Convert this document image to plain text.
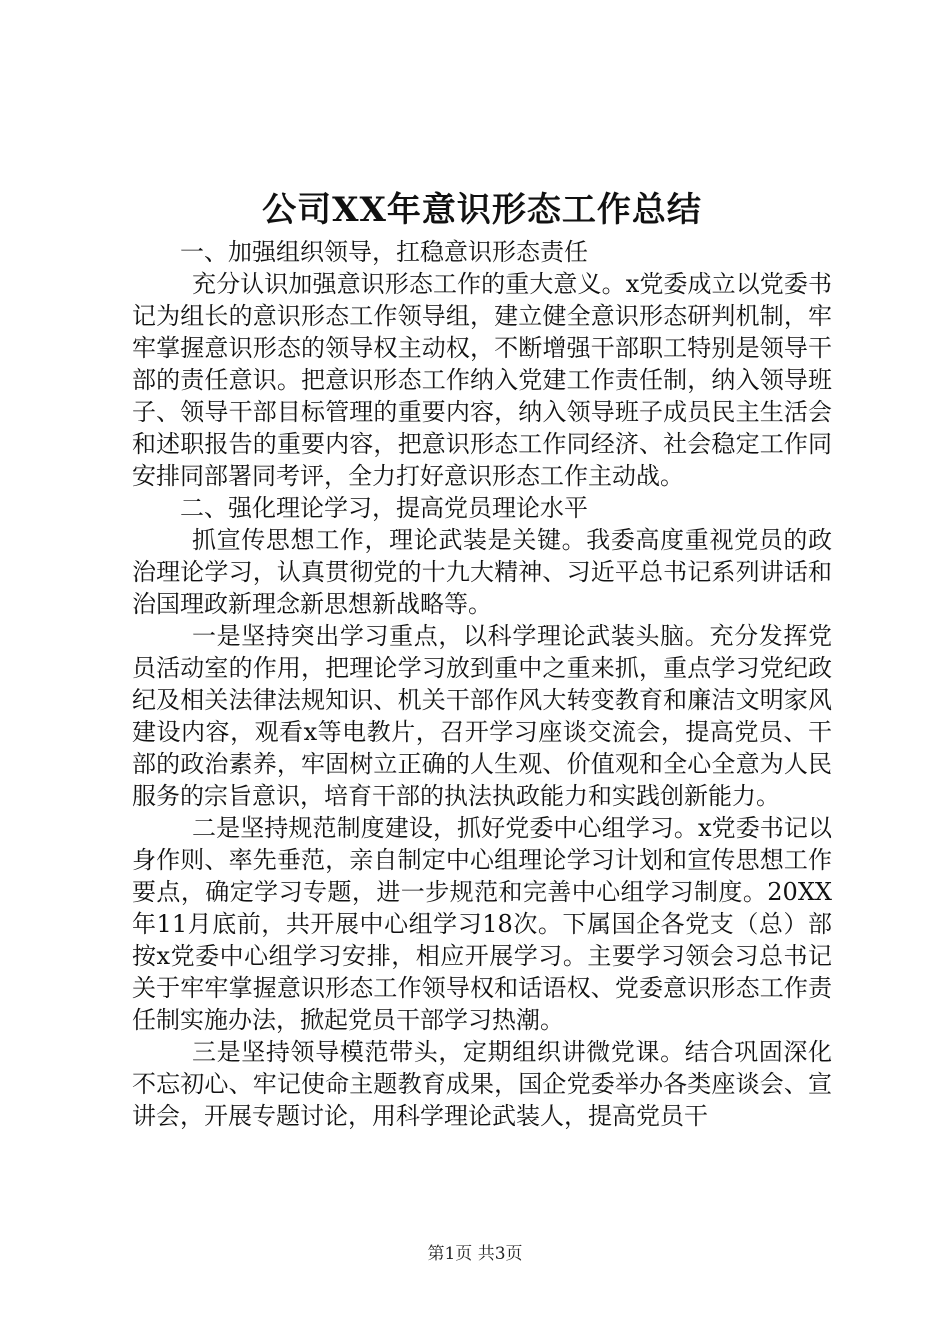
公司XX年意识形态工作总结

一、加强组织领导，扛稳意识形态责任

充分认识加强意识形态工作的重大意义。x党委成立以党委书记为组长的意识形态工作领导组，建立健全意识形态研判机制，牢牢掌握意识形态的领导权主动权，不断增强干部职工特别是领导干部的责任意识。把意识形态工作纳入党建工作责任制，纳入领导班子、领导干部目标管理的重要内容，纳入领导班子成员民主生活会和述职报告的重要内容，把意识形态工作同经济、社会稳定工作同安排同部署同考评，全力打好意识形态工作主动战。

二、强化理论学习，提高党员理论水平

抓宣传思想工作，理论武装是关键。我委高度重视党员的政治理论学习，认真贯彻党的十九大精神、习近平总书记系列讲话和治国理政新理念新思想新战略等。

一是坚持突出学习重点，以科学理论武装头脑。充分发挥党员活动室的作用，把理论学习放到重中之重来抓，重点学习党纪政纪及相关法律法规知识、机关干部作风大转变教育和廉洁文明家风建设内容，观看x等电教片，召开学习座谈交流会，提高党员、干部的政治素养，牢固树立正确的人生观、价值观和全心全意为人民服务的宗旨意识，培育干部的执法执政能力和实践创新能力。

二是坚持规范制度建设，抓好党委中心组学习。x党委书记以身作则、率先垂范，亲自制定中心组理论学习计划和宣传思想工作要点，确定学习专题，进一步规范和完善中心组学习制度。20XX年11月底前，共开展中心组学习18次。下属国企各党支（总）部按x党委中心组学习安排，相应开展学习。主要学习领会习总书记关于牢牢掌握意识形态工作领导权和话语权、党委意识形态工作责任制实施办法，掀起党员干部学习热潮。

三是坚持领导模范带头，定期组织讲微党课。结合巩固深化不忘初心、牢记使命主题教育成果，国企党委举办各类座谈会、宣讲会，开展专题讨论，用科学理论武装人，提高党员干

第1页 共3页
